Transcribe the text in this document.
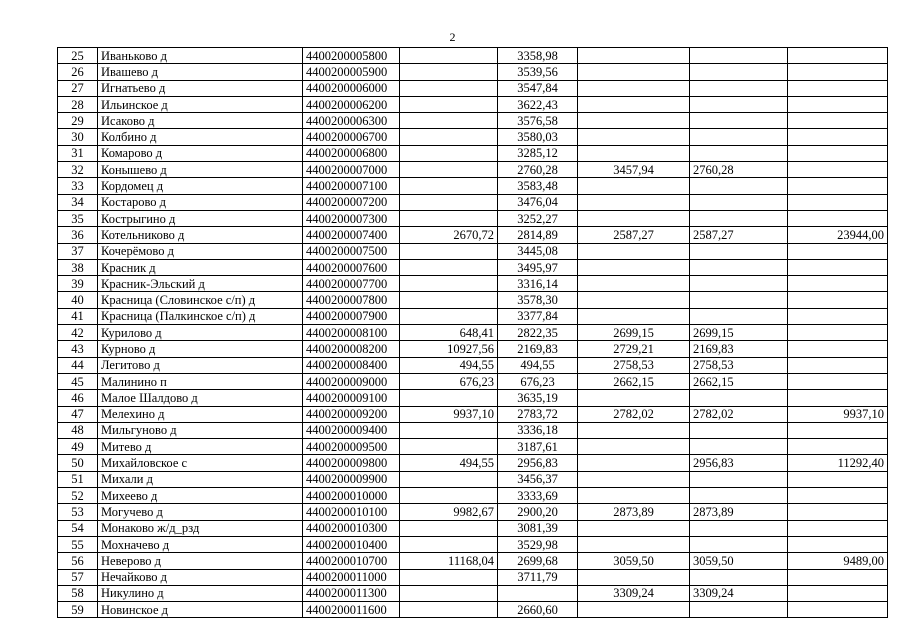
2
25	Иваньково д	4400200005800		3358,98			
26	Ивашево д	4400200005900		3539,56			
27	Игнатьево д	4400200006000		3547,84			
28	Ильинское д	4400200006200		3622,43			
29	Исаково д	4400200006300		3576,58			
30	Колбино д	4400200006700		3580,03			
31	Комарово д	4400200006800		3285,12			
32	Конышево д	4400200007000		2760,28	3457,94	2760,28	
33	Кордомец д	4400200007100		3583,48			
34	Костарово д	4400200007200		3476,04			
35	Кострыгино д	4400200007300		3252,27			
36	Котельниково д	4400200007400	2670,72	2814,89	2587,27	2587,27	23944,00
37	Кочерёмово д	4400200007500		3445,08			
38	Красник д	4400200007600		3495,97			
39	Красник-Эльский д	4400200007700		3316,14			
40	Красница (Словинское с/п) д	4400200007800		3578,30			
41	Красница (Палкинское с/п) д	4400200007900		3377,84			
42	Курилово д	4400200008100	648,41	2822,35	2699,15	2699,15	
43	Курново д	4400200008200	10927,56	2169,83	2729,21	2169,83	
44	Легитово д	4400200008400	494,55	494,55	2758,53	2758,53	
45	Малинино п	4400200009000	676,23	676,23	2662,15	2662,15	
46	Малое Шалдово д	4400200009100		3635,19			
47	Мелехино д	4400200009200	9937,10	2783,72	2782,02	2782,02	9937,10
48	Мильгуново д	4400200009400		3336,18			
49	Митево д	4400200009500		3187,61			
50	Михайловское с	4400200009800	494,55	2956,83		2956,83	11292,40
51	Михали д	4400200009900		3456,37			
52	Михеево д	4400200010000		3333,69			
53	Могучево д	4400200010100	9982,67	2900,20	2873,89	2873,89	
54	Монаково ж/д_рзд	4400200010300		3081,39			
55	Мохначево д	4400200010400		3529,98			
56	Неверово д	4400200010700	11168,04	2699,68	3059,50	3059,50	9489,00
57	Нечайково д	4400200011000		3711,79			
58	Никулино д	4400200011300			3309,24	3309,24	
59	Новинское д	4400200011600		2660,60			
